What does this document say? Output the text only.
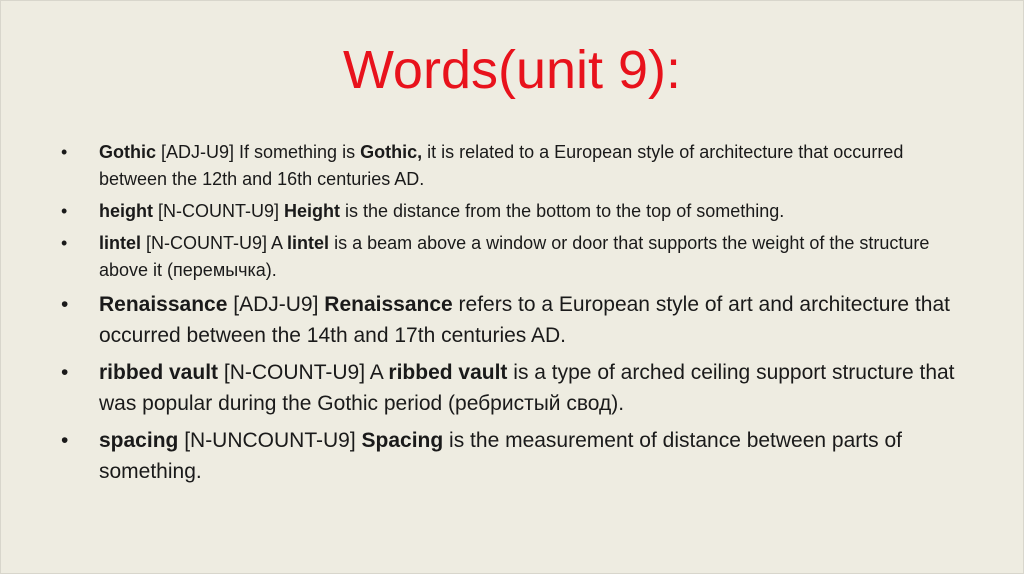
Words(unit 9):
• Gothic [ADJ-U9] If something is Gothic, it is related to a European style of architecture that occurred between the 12th and 16th centuries AD.
• height [N-COUNT-U9] Height is the distance from the bottom to the top of something.
• lintel [N-COUNT-U9] A lintel is a beam above a window or door that supports the weight of the structure above it (перемычка).
• Renaissance [ADJ-U9] Renaissance refers to a European style of art and architecture that occurred between the 14th and 17th centuries AD.
• ribbed vault [N-COUNT-U9] A ribbed vault is a type of arched ceiling support structure that was popular during the Gothic period (ребристый свод).
• spacing [N-UNCOUNT-U9] Spacing is the measurement of distance between parts of something.
